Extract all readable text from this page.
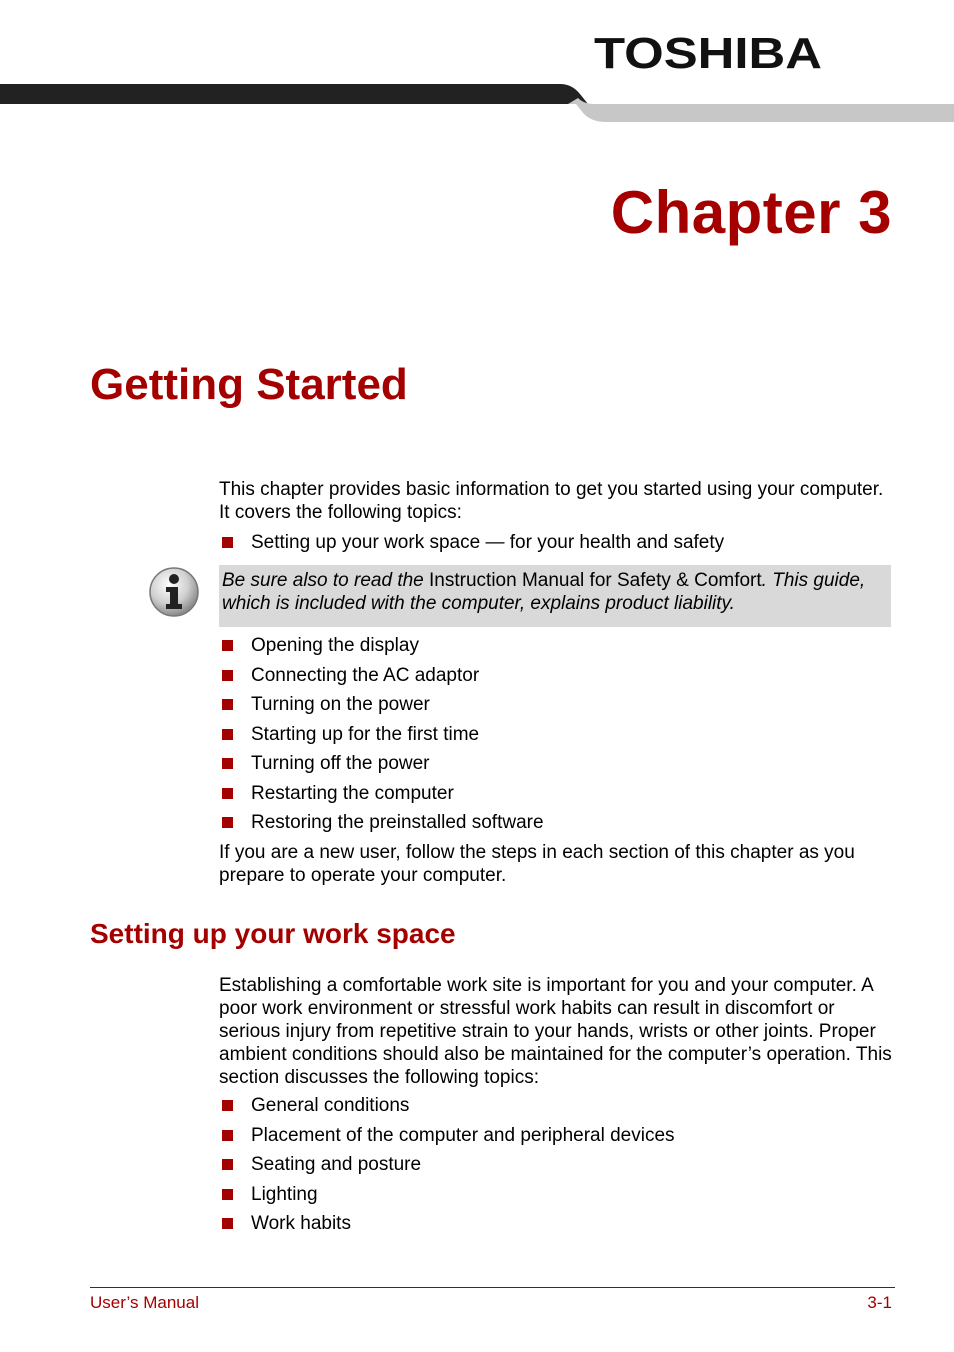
TOSHIBA
Chapter 3
Getting Started

This chapter provides basic information to get you started using your computer. It covers the following topics:

Setting up your work space — for your health and safety
Be sure also to read the Instruction Manual for Safety & Comfort. This guide, which is included with the computer, explains product liability.
Opening the display
Connecting the AC adaptor
Turning on the power
Starting up for the first time
Turning off the power
Restarting the computer
Restoring the preinstalled software

If you are a new user, follow the steps in each section of this chapter as you prepare to operate your computer.

Setting up your work space

Establishing a comfortable work site is important for you and your computer. A poor work environment or stressful work habits can result in discomfort or serious injury from repetitive strain to your hands, wrists or other joints. Proper ambient conditions should also be maintained for the computer’s operation. This section discusses the following topics:

General conditions
Placement of the computer and peripheral devices
Seating and posture
Lighting
Work habits
User’s Manual	3-1
